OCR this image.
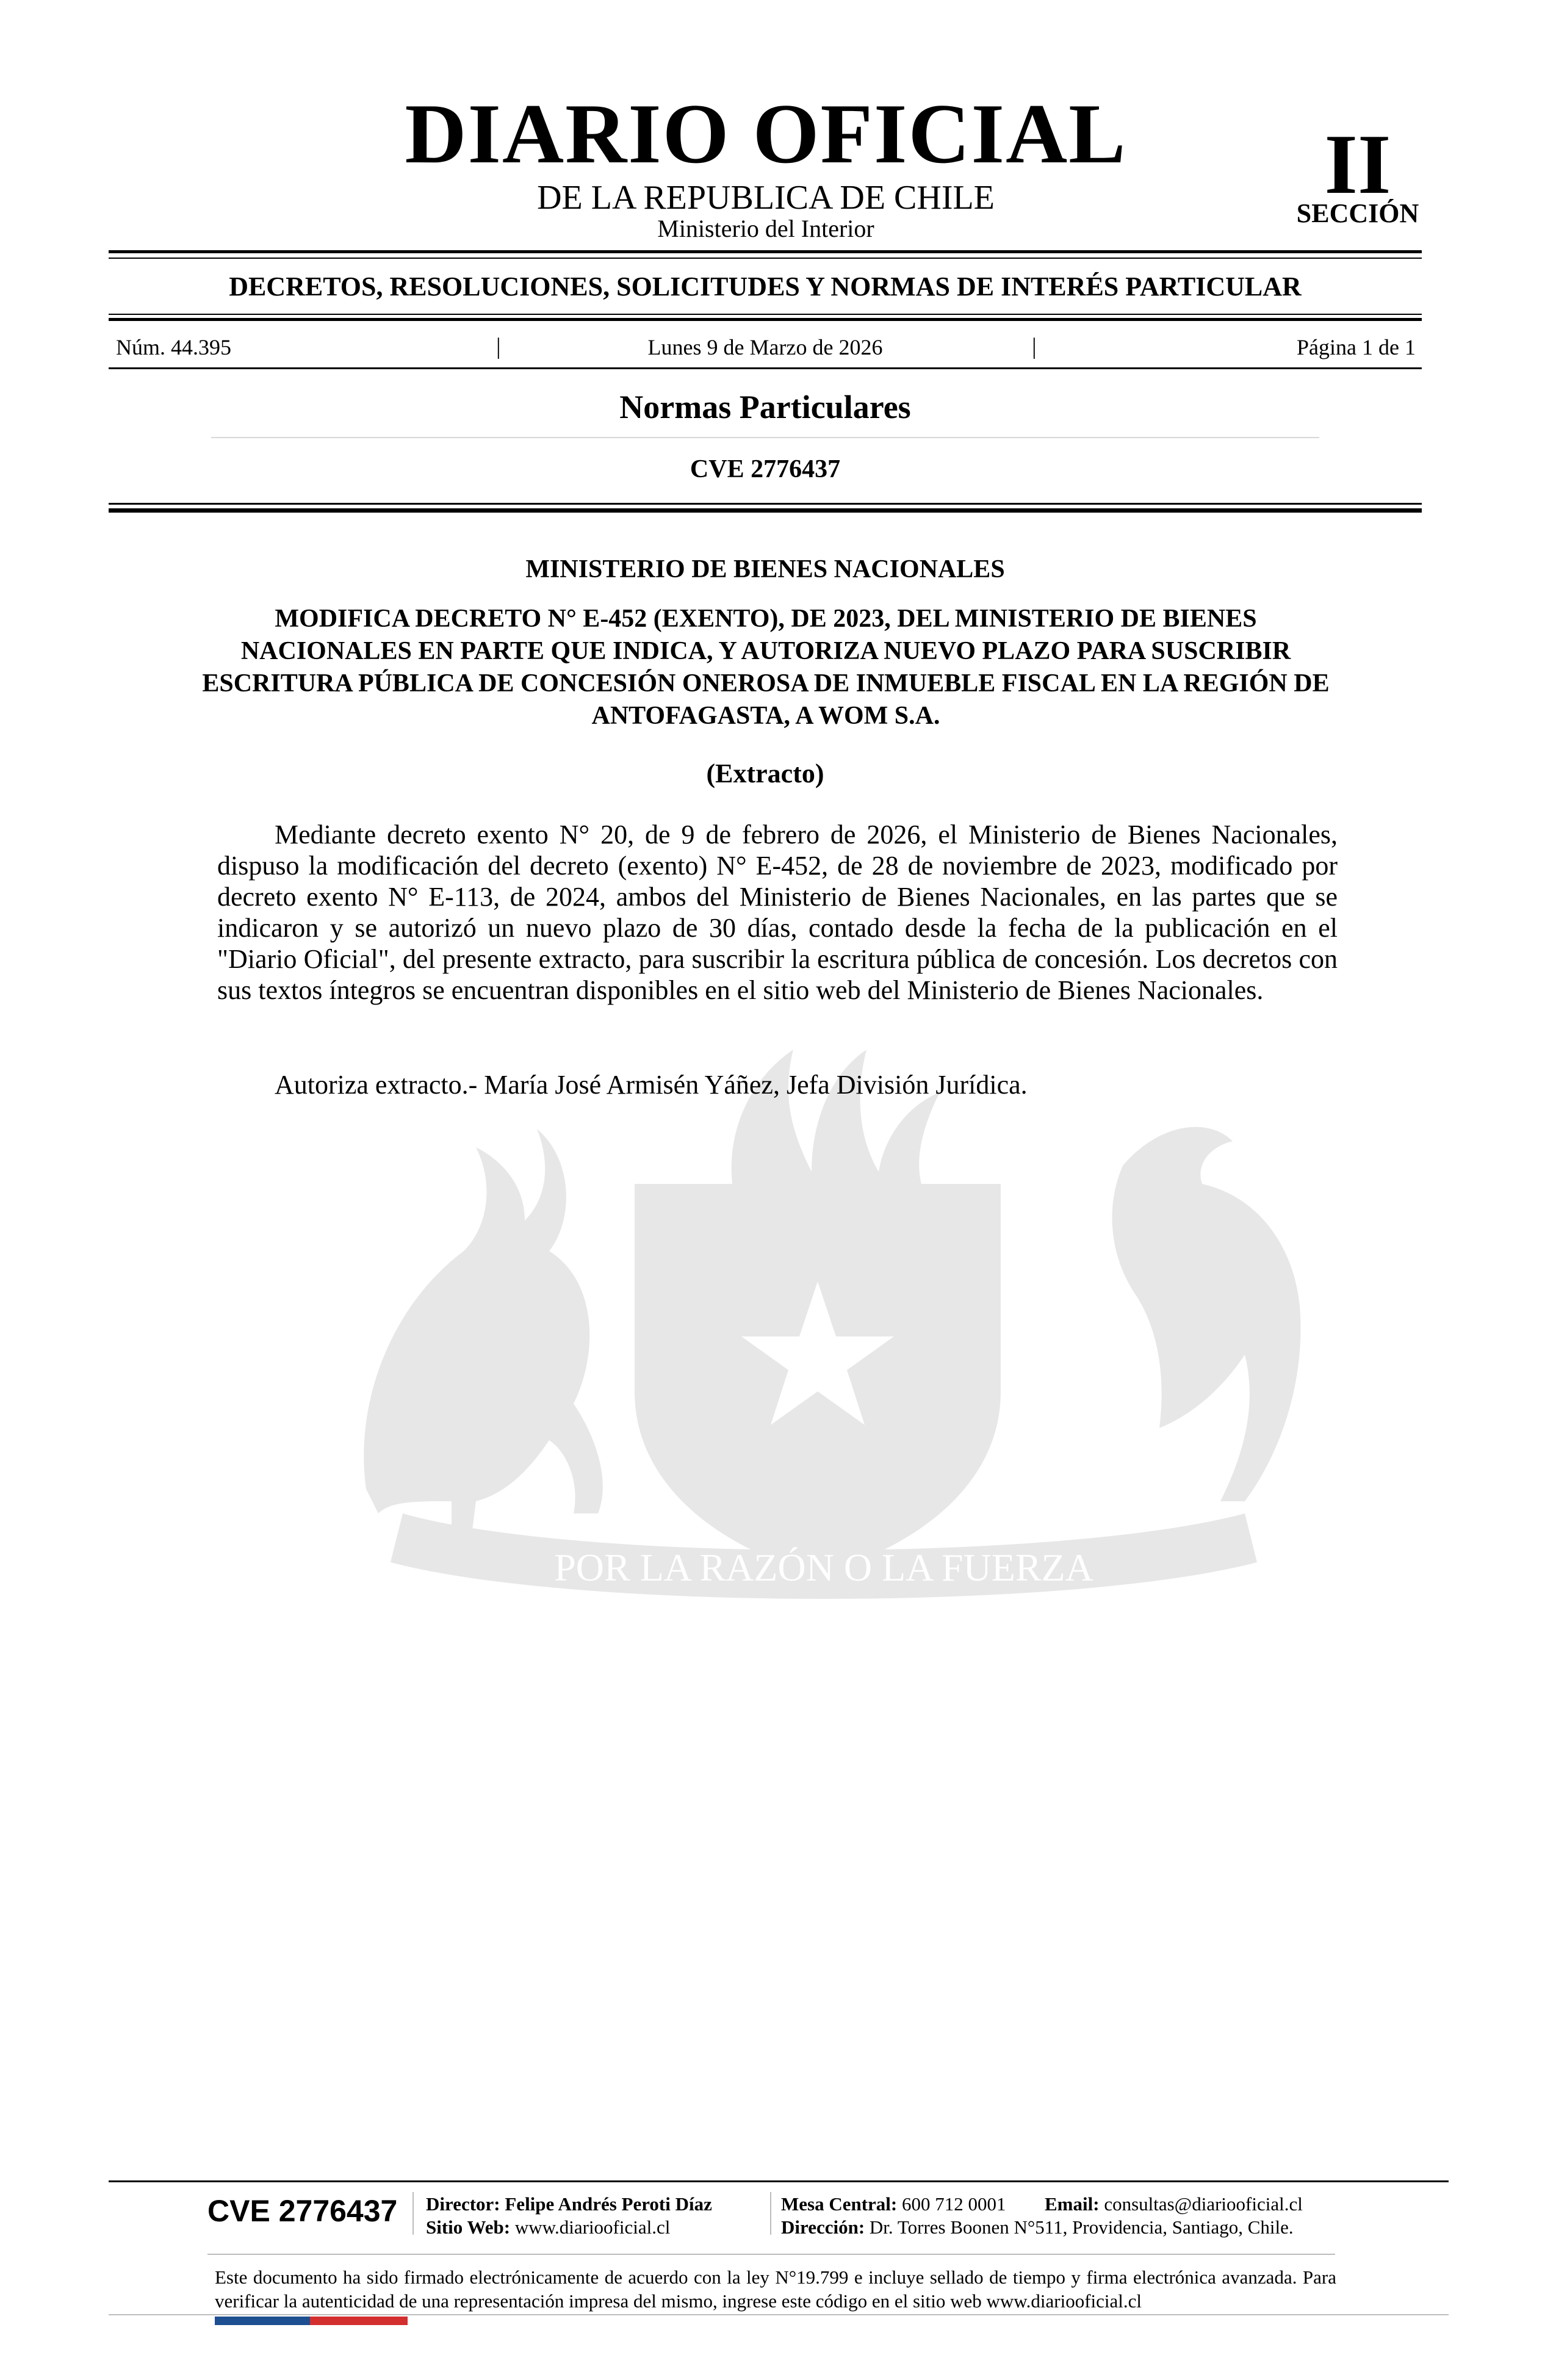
POR LA RAZÓN O LA FUERZA
DIARIO OFICIAL
DE LA REPUBLICA DE CHILE
Ministerio del Interior
II
SECCIÓN
DECRETOS, RESOLUCIONES, SOLICITUDES Y NORMAS DE INTERÉS PARTICULAR
Núm. 44.395	|	Lunes 9 de Marzo de 2026	|	Página 1 de 1
Normas Particulares
CVE 2776437
MINISTERIO DE BIENES NACIONALES
MODIFICA DECRETO N° E-452 (EXENTO), DE 2023, DEL MINISTERIO DE BIENES NACIONALES EN PARTE QUE INDICA, Y AUTORIZA NUEVO PLAZO PARA SUSCRIBIR ESCRITURA PÚBLICA DE CONCESIÓN ONEROSA DE INMUEBLE FISCAL EN LA REGIÓN DE ANTOFAGASTA, A WOM S.A.
(Extracto)
Mediante decreto exento N° 20, de 9 de febrero de 2026, el Ministerio de Bienes Nacionales, dispuso la modificación del decreto (exento) N° E-452, de 28 de noviembre de 2023, modificado por decreto exento N° E-113, de 2024, ambos del Ministerio de Bienes Nacionales, en las partes que se indicaron y se autorizó un nuevo plazo de 30 días, contado desde la fecha de la publicación en el "Diario Oficial", del presente extracto, para suscribir la escritura pública de concesión. Los decretos con sus textos íntegros se encuentran disponibles en el sitio web del Ministerio de Bienes Nacionales.
Autoriza extracto.- María José Armisén Yáñez, Jefa División Jurídica.
CVE 2776437 Director: Felipe Andrés Peroti Díaz
Sitio Web: www.diariooficial.cl
Mesa Central: 600 712 0001 Email: consultas@diariooficial.cl
Dirección: Dr. Torres Boonen N°511, Providencia, Santiago, Chile.
Este documento ha sido firmado electrónicamente de acuerdo con la ley N°19.799 e incluye sellado de tiempo y firma electrónica avanzada. Para verificar la autenticidad de una representación impresa del mismo, ingrese este código en el sitio web www.diariooficial.cl
